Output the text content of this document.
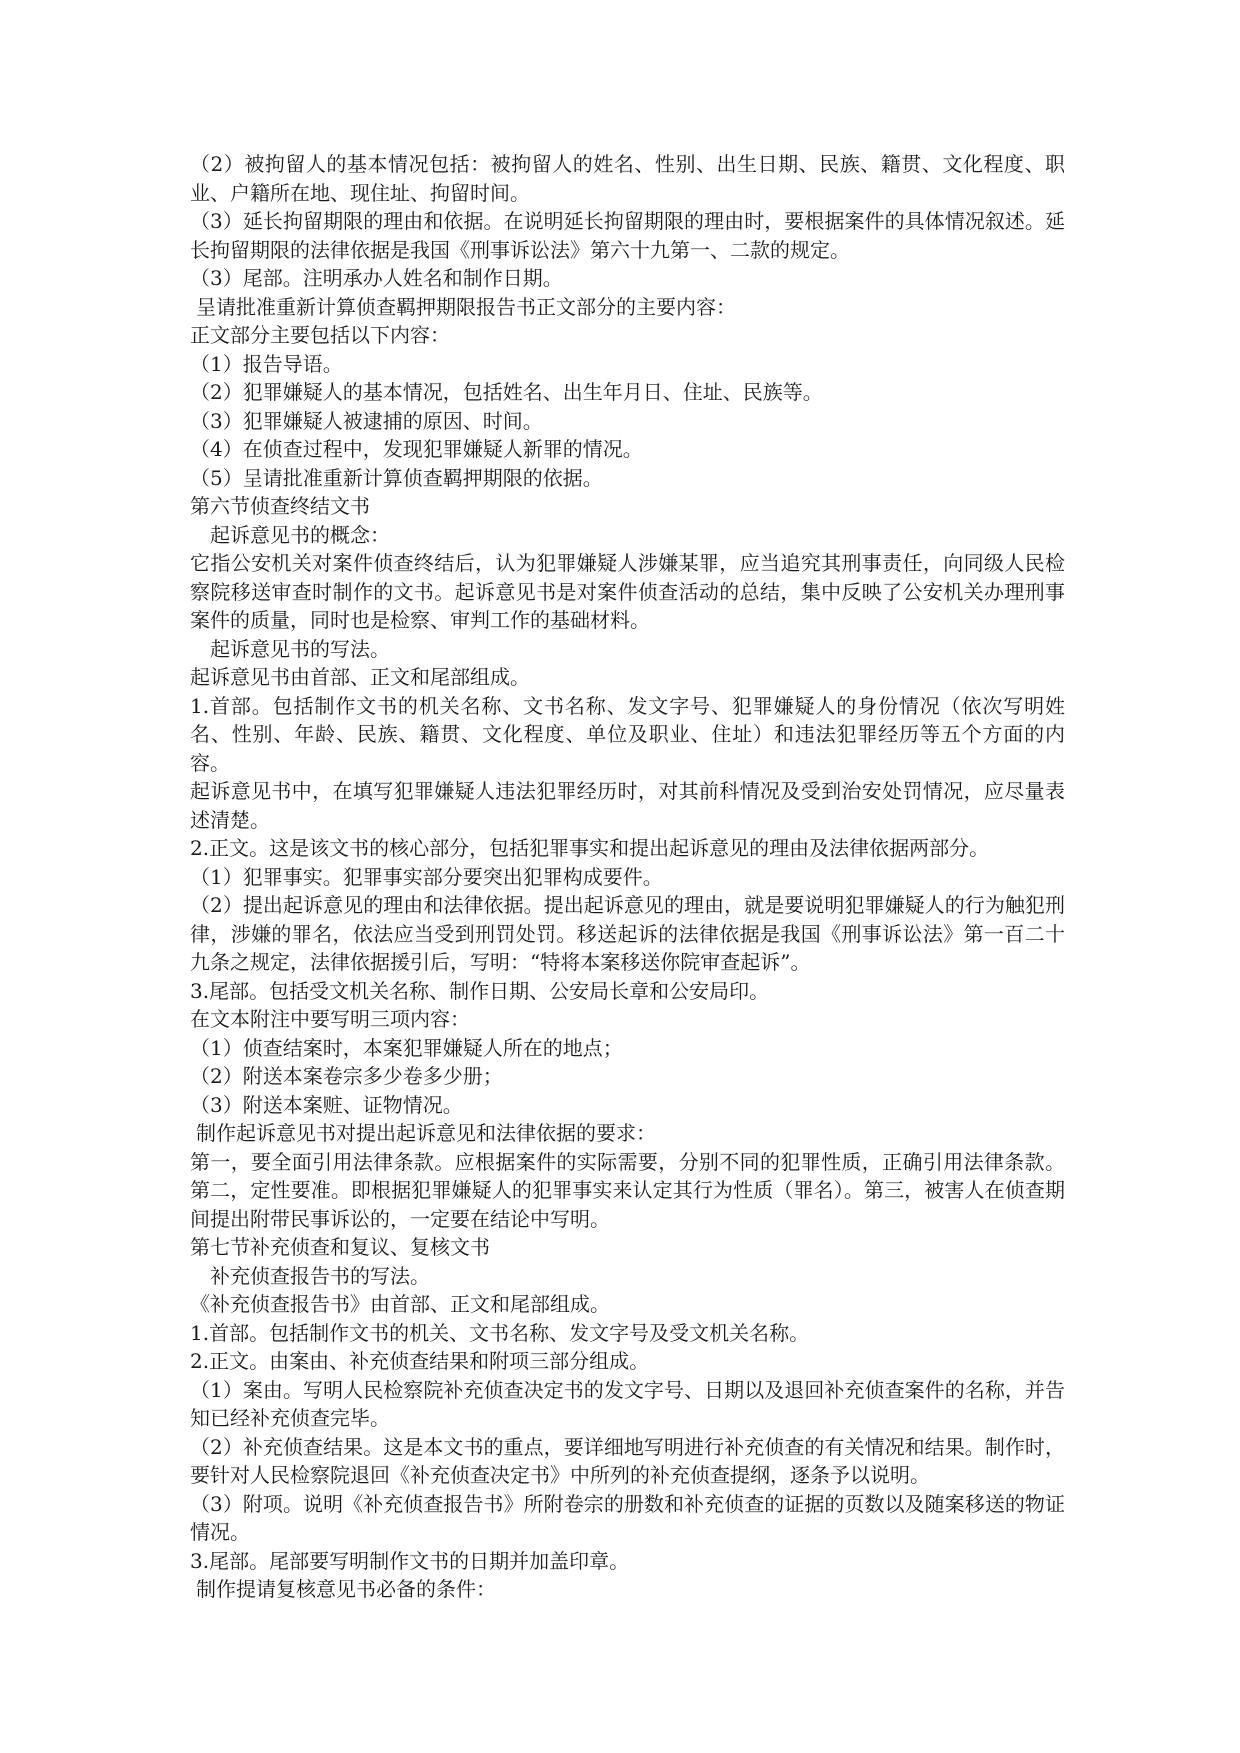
（2）被拘留人的基本情况包括：被拘留人的姓名、性别、出生日期、民族、籍贯、文化程度、职业、户籍所在地、现住址、拘留时间。

（3）延长拘留期限的理由和依据。在说明延长拘留期限的理由时，要根据案件的具体情况叙述。延长拘留期限的法律依据是我国《刑事诉讼法》第六十九第一、二款的规定。

（3）尾部。注明承办人姓名和制作日期。

呈请批准重新计算侦查羁押期限报告书正文部分的主要内容：

正文部分主要包括以下内容：

（1）报告导语。

（2）犯罪嫌疑人的基本情况，包括姓名、出生年月日、住址、民族等。

（3）犯罪嫌疑人被逮捕的原因、时间。

（4）在侦查过程中，发现犯罪嫌疑人新罪的情况。

（5）呈请批准重新计算侦查羁押期限的依据。

第六节侦查终结文书

起诉意见书的概念：

它指公安机关对案件侦查终结后，认为犯罪嫌疑人涉嫌某罪，应当追究其刑事责任，向同级人民检察院移送审查时制作的文书。起诉意见书是对案件侦查活动的总结，集中反映了公安机关办理刑事案件的质量，同时也是检察、审判工作的基础材料。

起诉意见书的写法。

起诉意见书由首部、正文和尾部组成。

1.首部。包括制作文书的机关名称、文书名称、发文字号、犯罪嫌疑人的身份情况（依次写明姓名、性别、年龄、民族、籍贯、文化程度、单位及职业、住址）和违法犯罪经历等五个方面的内容。

起诉意见书中，在填写犯罪嫌疑人违法犯罪经历时，对其前科情况及受到治安处罚情况，应尽量表述清楚。

2.正文。这是该文书的核心部分，包括犯罪事实和提出起诉意见的理由及法律依据两部分。

（1）犯罪事实。犯罪事实部分要突出犯罪构成要件。

（2）提出起诉意见的理由和法律依据。提出起诉意见的理由，就是要说明犯罪嫌疑人的行为触犯刑律，涉嫌的罪名，依法应当受到刑罚处罚。移送起诉的法律依据是我国《刑事诉讼法》第一百二十九条之规定，法律依据援引后，写明：“特将本案移送你院审查起诉”。

3.尾部。包括受文机关名称、制作日期、公安局长章和公安局印。

在文本附注中要写明三项内容：

（1）侦查结案时，本案犯罪嫌疑人所在的地点；

（2）附送本案卷宗多少卷多少册；

（3）附送本案赃、证物情况。

制作起诉意见书对提出起诉意见和法律依据的要求：

第一，要全面引用法律条款。应根据案件的实际需要，分别不同的犯罪性质，正确引用法律条款。第二，定性要准。即根据犯罪嫌疑人的犯罪事实来认定其行为性质（罪名）。第三，被害人在侦查期间提出附带民事诉讼的，一定要在结论中写明。

第七节补充侦查和复议、复核文书

补充侦查报告书的写法。

《补充侦查报告书》由首部、正文和尾部组成。

1.首部。包括制作文书的机关、文书名称、发文字号及受文机关名称。

2.正文。由案由、补充侦查结果和附项三部分组成。

（1）案由。写明人民检察院补充侦查决定书的发文字号、日期以及退回补充侦查案件的名称，并告知已经补充侦查完毕。

（2）补充侦查结果。这是本文书的重点，要详细地写明进行补充侦查的有关情况和结果。制作时，要针对人民检察院退回《补充侦查决定书》中所列的补充侦查提纲，逐条予以说明。

（3）附项。说明《补充侦查报告书》所附卷宗的册数和补充侦查的证据的页数以及随案移送的物证情况。

3.尾部。尾部要写明制作文书的日期并加盖印章。

制作提请复核意见书必备的条件：
